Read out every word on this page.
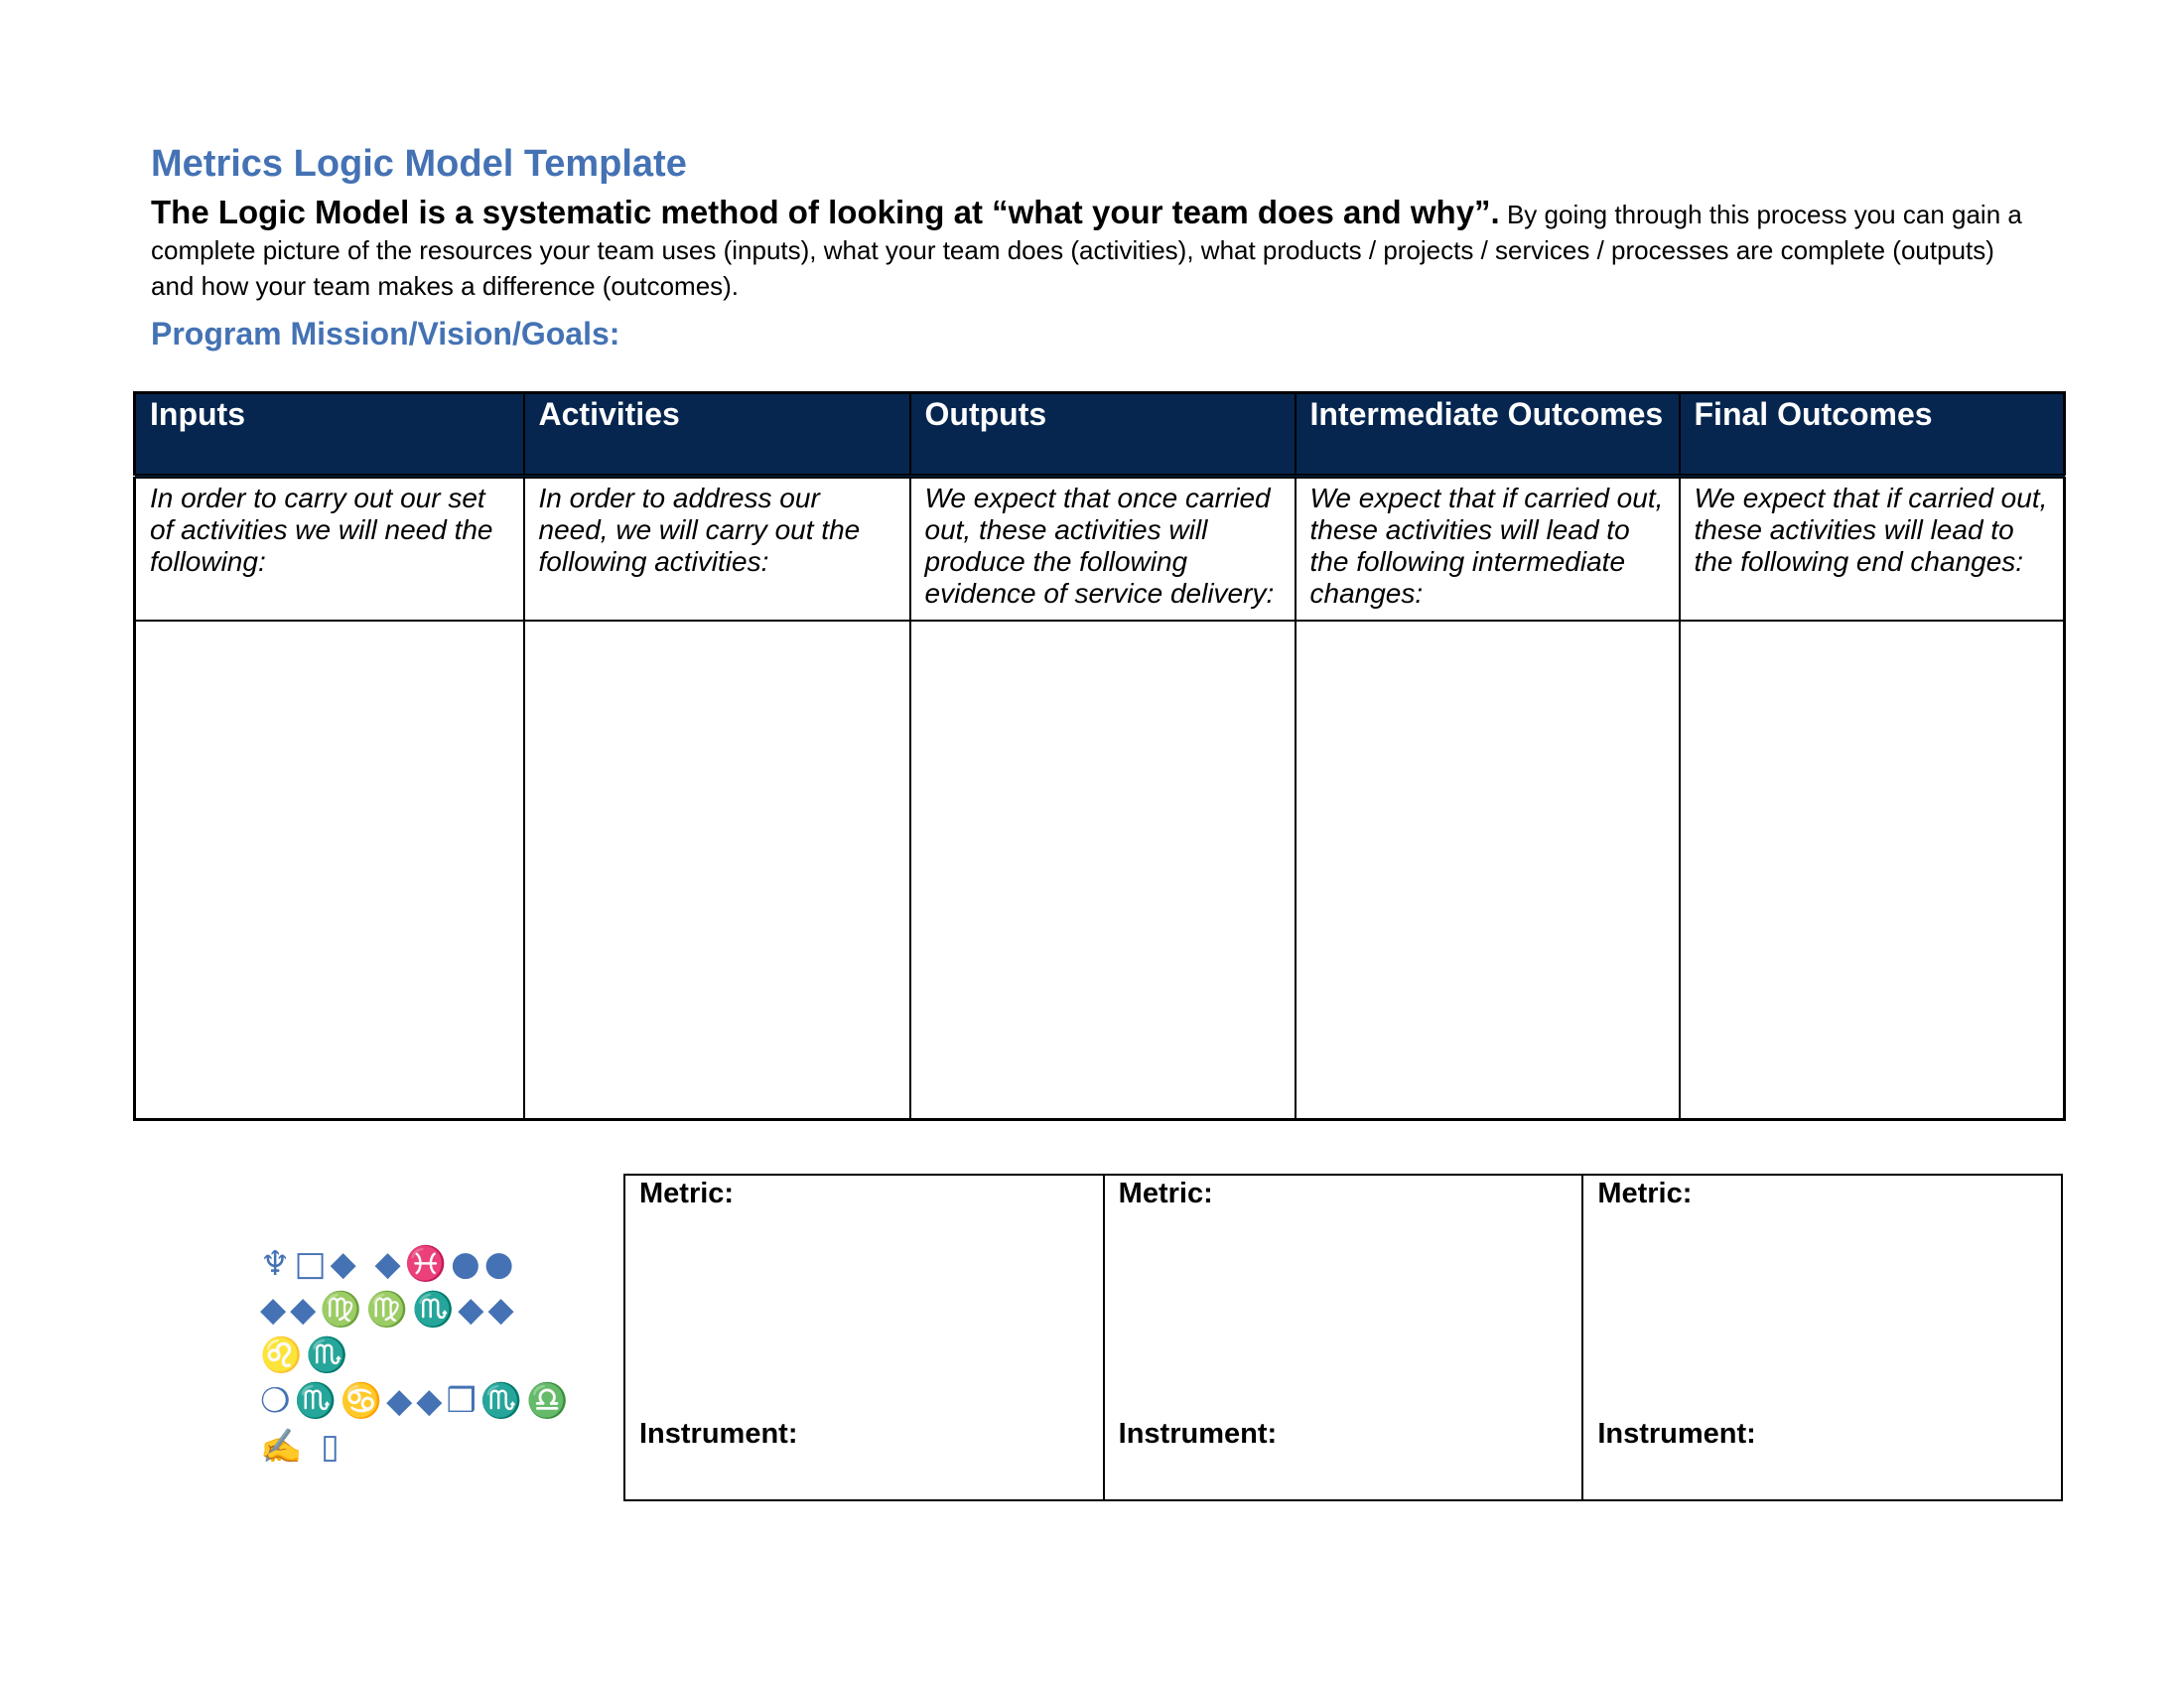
Metrics Logic Model Template
The Logic Model is a systematic method of looking at “what your team does and why”. By going through this process you can gain a complete picture of the resources your team uses (inputs), what your team does (activities), what products / projects / services / processes are complete (outputs) and how your team makes a difference (outcomes).
Program Mission/Vision/Goals:
Inputs	Activities	Outputs	Intermediate Outcomes	Final Outcomes
In order to carry out our set of activities we will need the following:	In order to address our need, we will carry out the following activities:	We expect that once carried out, these activities will produce the following evidence of service delivery:	We expect that if carried out, these activities will lead to the following intermediate changes:	We expect that if carried out, these activities will lead to the following end changes:

♆□◆ ◆♓●●
◆◆♍♍♏◆◆ ♌♏
❍♏♋◆◆❒♏♎
✍ ▯
Metric:
Instrument:

Metric:
Instrument:

Metric:
Instrument:
